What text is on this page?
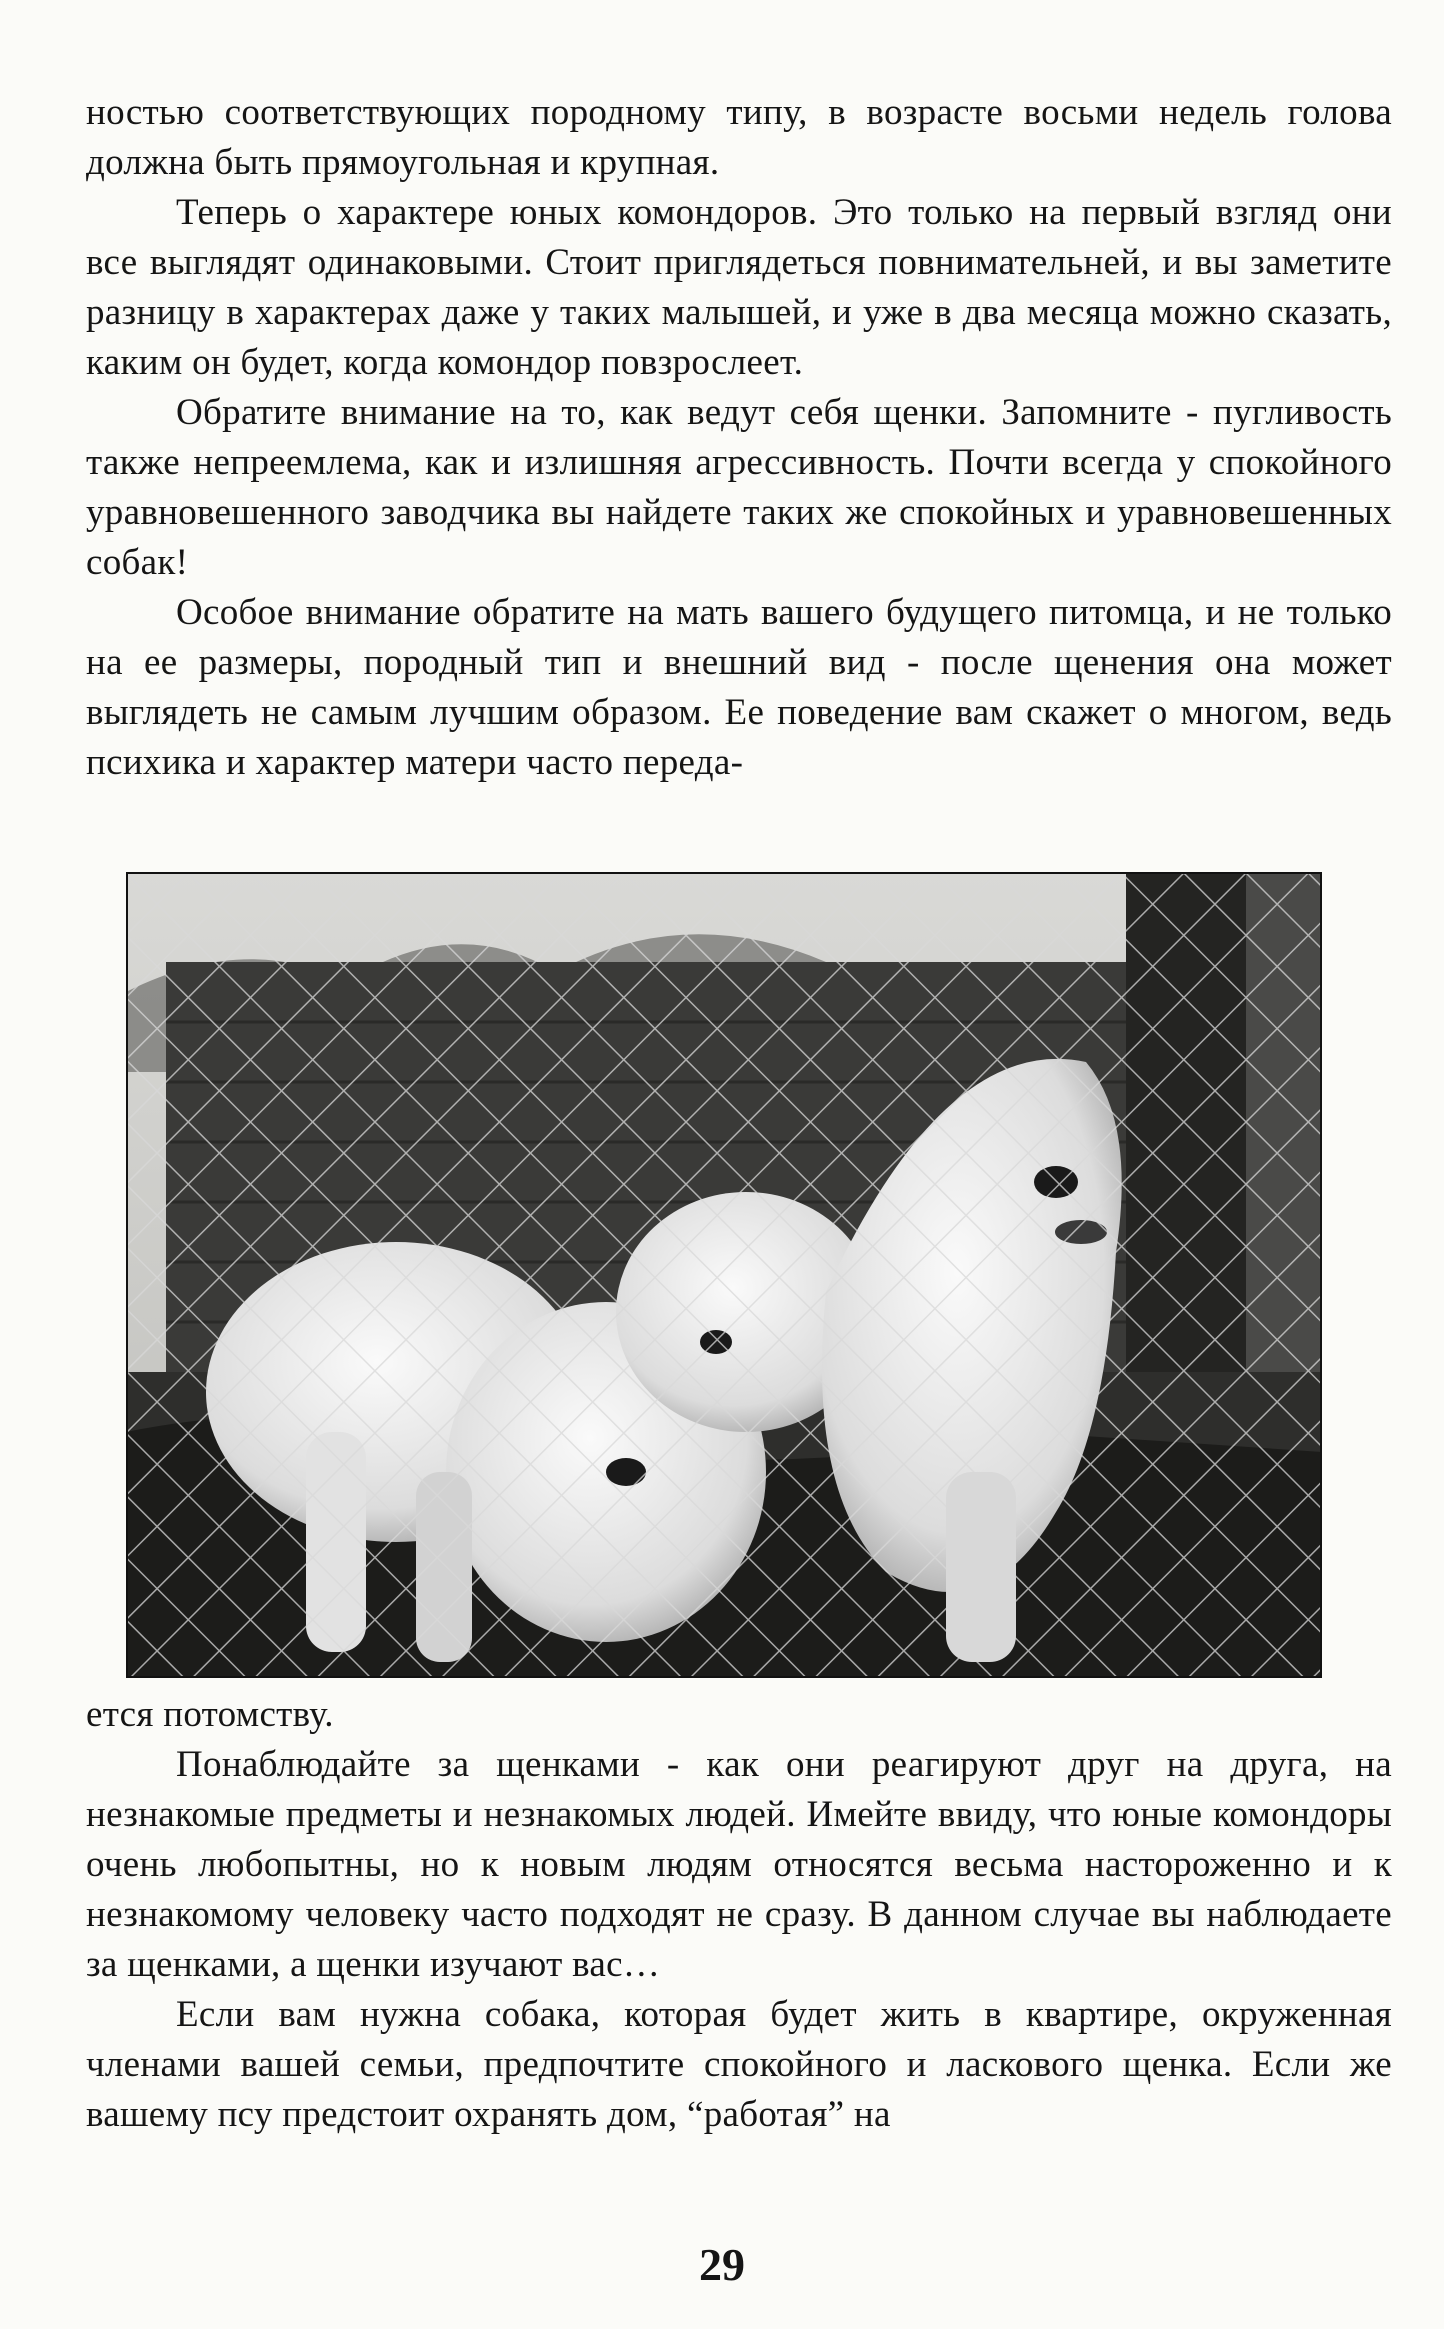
ностью соответствующих породному типу, в возрасте восьми недель голова должна быть прямоугольная и крупная.

Теперь о характере юных комондоров. Это только на первый взгляд они все выглядят одинаковыми. Стоит приглядеться повнимательней, и вы заметите разницу в характерах даже у таких малышей, и уже в два месяца можно сказать, каким он будет, когда комондор повзрослеет.

Обратите внимание на то, как ведут себя щенки. Запомните - пугливость также непреемлема, как и излишняя агрессивность. Почти всегда у спокойного уравновешенного заводчика вы найдете таких же спокойных и уравновешенных собак!

Особое внимание обратите на мать вашего будущего питомца, и не только на ее размеры, породный тип и внешний вид - после щенения она может выглядеть не самым лучшим образом. Ее поведение вам скажет о многом, ведь психика и характер матери часто переда-

ется потомству.

Понаблюдайте за щенками - как они реагируют друг на друга, на незнакомые предметы и незнакомых людей. Имейте ввиду, что юные комондоры очень любопытны, но к новым людям относятся весьма настороженно и к незнакомому человеку часто подходят не сразу. В данном случае вы наблюдаете за щенками, а щенки изучают вас…

Если вам нужна собака, которая будет жить в квартире, окруженная членами вашей семьи, предпочтите спокойного и ласкового щенка. Если же вашему псу предстоит охранять дом, “работая” на

29
